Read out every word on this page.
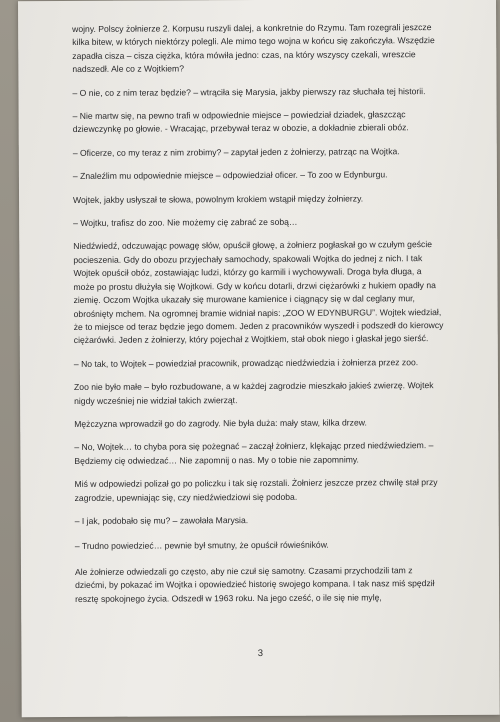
wojny. Polscy żołnierze 2. Korpusu ruszyli dalej, a konkretnie do Rzymu. Tam rozegrali jeszcze kilka bitew, w których niektórzy polegli. Ale mimo tego wojna w końcu się zakończyła. Wszędzie zapadła cisza – cisza ciężka, która mówiła jedno: czas, na który wszyscy czekali, wreszcie nadszedł. Ale co z Wojtkiem?

– O nie, co z nim teraz będzie? – wtrąciła się Marysia, jakby pierwszy raz słuchała tej historii.

– Nie martw się, na pewno trafi w odpowiednie miejsce – powiedział dziadek, głaszcząc dziewczynkę po głowie. - Wracając, przebywał teraz w obozie, a dokładnie zbierali obóz.

– Oficerze, co my teraz z nim zrobimy? – zapytał jeden z żołnierzy, patrząc na Wojtka.

– Znaleźlim mu odpowiednie miejsce – odpowiedział oficer. – To zoo w Edynburgu.

Wojtek, jakby usłyszał te słowa, powolnym krokiem wstąpił między żołnierzy.

– Wojtku, trafisz do zoo. Nie możemy cię zabrać ze sobą…

Niedźwiedź, odczuwając powagę słów, opuścił głowę, a żołnierz pogłaskał go w czułym geście pocieszenia. Gdy do obozu przyjechały samochody, spakowali Wojtka do jednej z nich. I tak Wojtek opuścił obóz, zostawiając ludzi, którzy go karmili i wychowywali. Droga była długa, a może po prostu dłużyła się Wojtkowi. Gdy w końcu dotarli, drzwi ciężarówki z hukiem opadły na ziemię. Oczom Wojtka ukazały się murowane kamienice i ciągnący się w dal ceglany mur, obrośnięty mchem. Na ogromnej bramie widniał napis: „ZOO W EDYNBURGU”. Wojtek wiedział, że to miejsce od teraz będzie jego domem. Jeden z pracowników wyszedł i podszedł do kierowcy ciężarówki. Jeden z żołnierzy, który pojechał z Wojtkiem, stał obok niego i głaskał jego sierść.

– No tak, to Wojtek – powiedział pracownik, prowadząc niedźwiedzia i żołnierza przez zoo.

Zoo nie było małe – było rozbudowane, a w każdej zagrodzie mieszkało jakieś zwierzę. Wojtek nigdy wcześniej nie widział takich zwierząt.

Mężczyzna wprowadził go do zagrody. Nie była duża: mały staw, kilka drzew.

– No, Wojtek… to chyba pora się pożegnać – zaczął żołnierz, klękając przed niedźwiedziem. – Będziemy cię odwiedzać… Nie zapomnij o nas. My o tobie nie zapomnimy.

Miś w odpowiedzi polizał go po policzku i tak się rozstali. Żołnierz jeszcze przez chwilę stał przy zagrodzie, upewniając się, czy niedźwiedziowi się podoba.

– I jak, podobało się mu? – zawołała Marysia.

– Trudno powiedzieć… pewnie był smutny, że opuścił rówieśników.

Ale żołnierze odwiedzali go często, aby nie czuł się samotny. Czasami przychodzili tam z dziećmi, by pokazać im Wojtka i opowiedzieć historię swojego kompana. I tak nasz miś spędził resztę spokojnego życia. Odszedł w 1963 roku. Na jego cześć, o ile się nie mylę,

3
